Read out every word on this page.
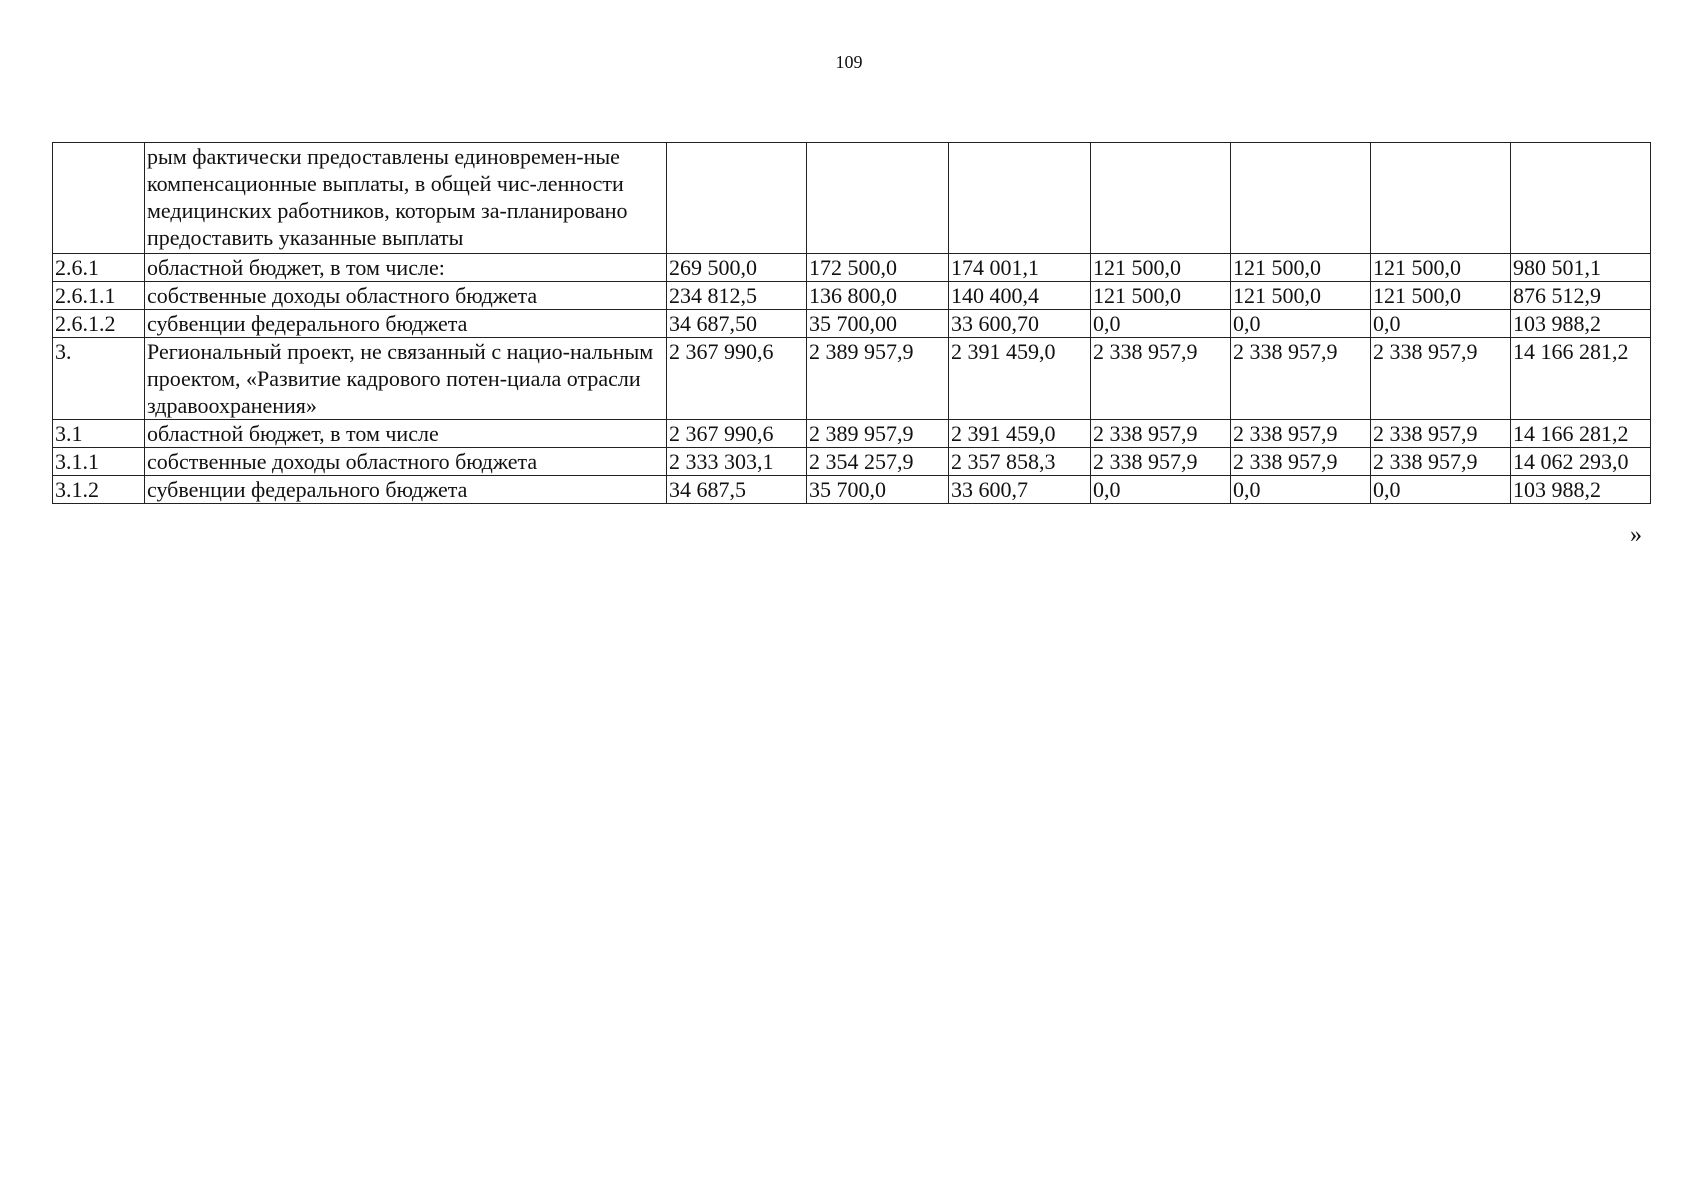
109
	рым фактически предоставлены единовремен-ные компенсационные выплаты, в общей чис-ленности медицинских работников, которым за-планировано предоставить указанные выплаты							
2.6.1	областной бюджет, в том числе:	269 500,0	172 500,0	174 001,1	121 500,0	121 500,0	121 500,0	980 501,1
2.6.1.1	собственные доходы областного бюджета	234 812,5	136 800,0	140 400,4	121 500,0	121 500,0	121 500,0	876 512,9
2.6.1.2	субвенции федерального бюджета	34 687,50	35 700,00	33 600,70	0,0	0,0	0,0	103 988,2
3.	Региональный проект, не связанный с нацио-нальным проектом, «Развитие кадрового потен-циала отрасли здравоохранения»	2 367 990,6	2 389 957,9	2 391 459,0	2 338 957,9	2 338 957,9	2 338 957,9	14 166 281,2
3.1	областной бюджет, в том числе	2 367 990,6	2 389 957,9	2 391 459,0	2 338 957,9	2 338 957,9	2 338 957,9	14 166 281,2
3.1.1	собственные доходы областного бюджета	2 333 303,1	2 354 257,9	2 357 858,3	2 338 957,9	2 338 957,9	2 338 957,9	14 062 293,0
3.1.2	субвенции федерального бюджета	34 687,5	35 700,0	33 600,7	0,0	0,0	0,0	103 988,2
»
